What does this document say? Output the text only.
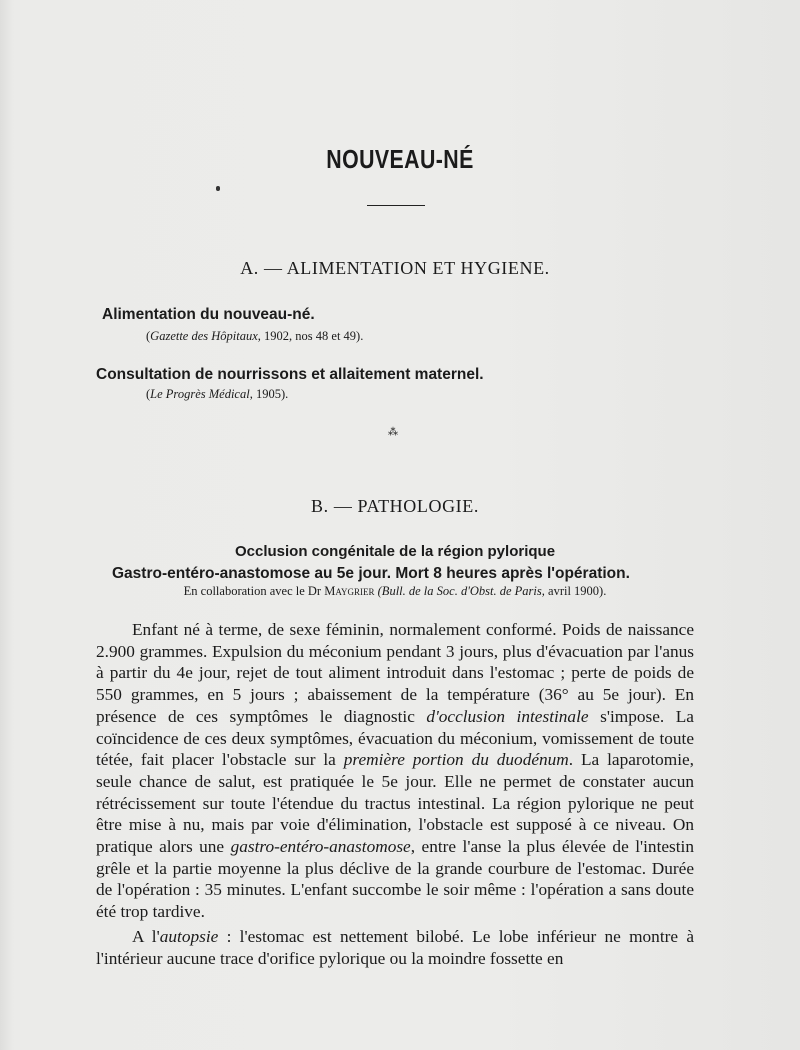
NOUVEAU-NÉ
A. — ALIMENTATION ET HYGIENE.
Alimentation du nouveau-né.
(Gazette des Hôpitaux, 1902, nos 48 et 49).
Consultation de nourrissons et allaitement maternel.
(Le Progrès Médical, 1905).
⁂
B. — PATHOLOGIE.
Occlusion congénitale de la région pylorique
Gastro-entéro-anastomose au 5e jour. Mort 8 heures après l'opération.
En collaboration avec le Dr Maygrier (Bull. de la Soc. d'Obst. de Paris, avril 1900).

Enfant né à terme, de sexe féminin, normalement conformé. Poids de naissance 2.900 grammes. Expulsion du méconium pendant 3 jours, plus d'évacuation par l'anus à partir du 4e jour, rejet de tout aliment introduit dans l'estomac ; perte de poids de 550 grammes, en 5 jours ; abaissement de la température (36° au 5e jour). En présence de ces symptômes le diagnostic d'occlusion intestinale s'impose. La coïncidence de ces deux symptômes, évacuation du méconium, vomissement de toute tétée, fait placer l'obstacle sur la première portion du duodénum. La laparotomie, seule chance de salut, est pratiquée le 5e jour. Elle ne permet de constater aucun rétrécissement sur toute l'étendue du tractus intestinal. La région pylorique ne peut être mise à nu, mais par voie d'élimination, l'obstacle est supposé à ce niveau. On pratique alors une gastro-entéro-anastomose, entre l'anse la plus élevée de l'intestin grêle et la partie moyenne la plus déclive de la grande courbure de l'estomac. Durée de l'opération : 35 minutes. L'enfant succombe le soir même : l'opération a sans doute été trop tardive.

A l'autopsie : l'estomac est nettement bilobé. Le lobe inférieur ne montre à l'intérieur aucune trace d'orifice pylorique ou la moindre fossette en
